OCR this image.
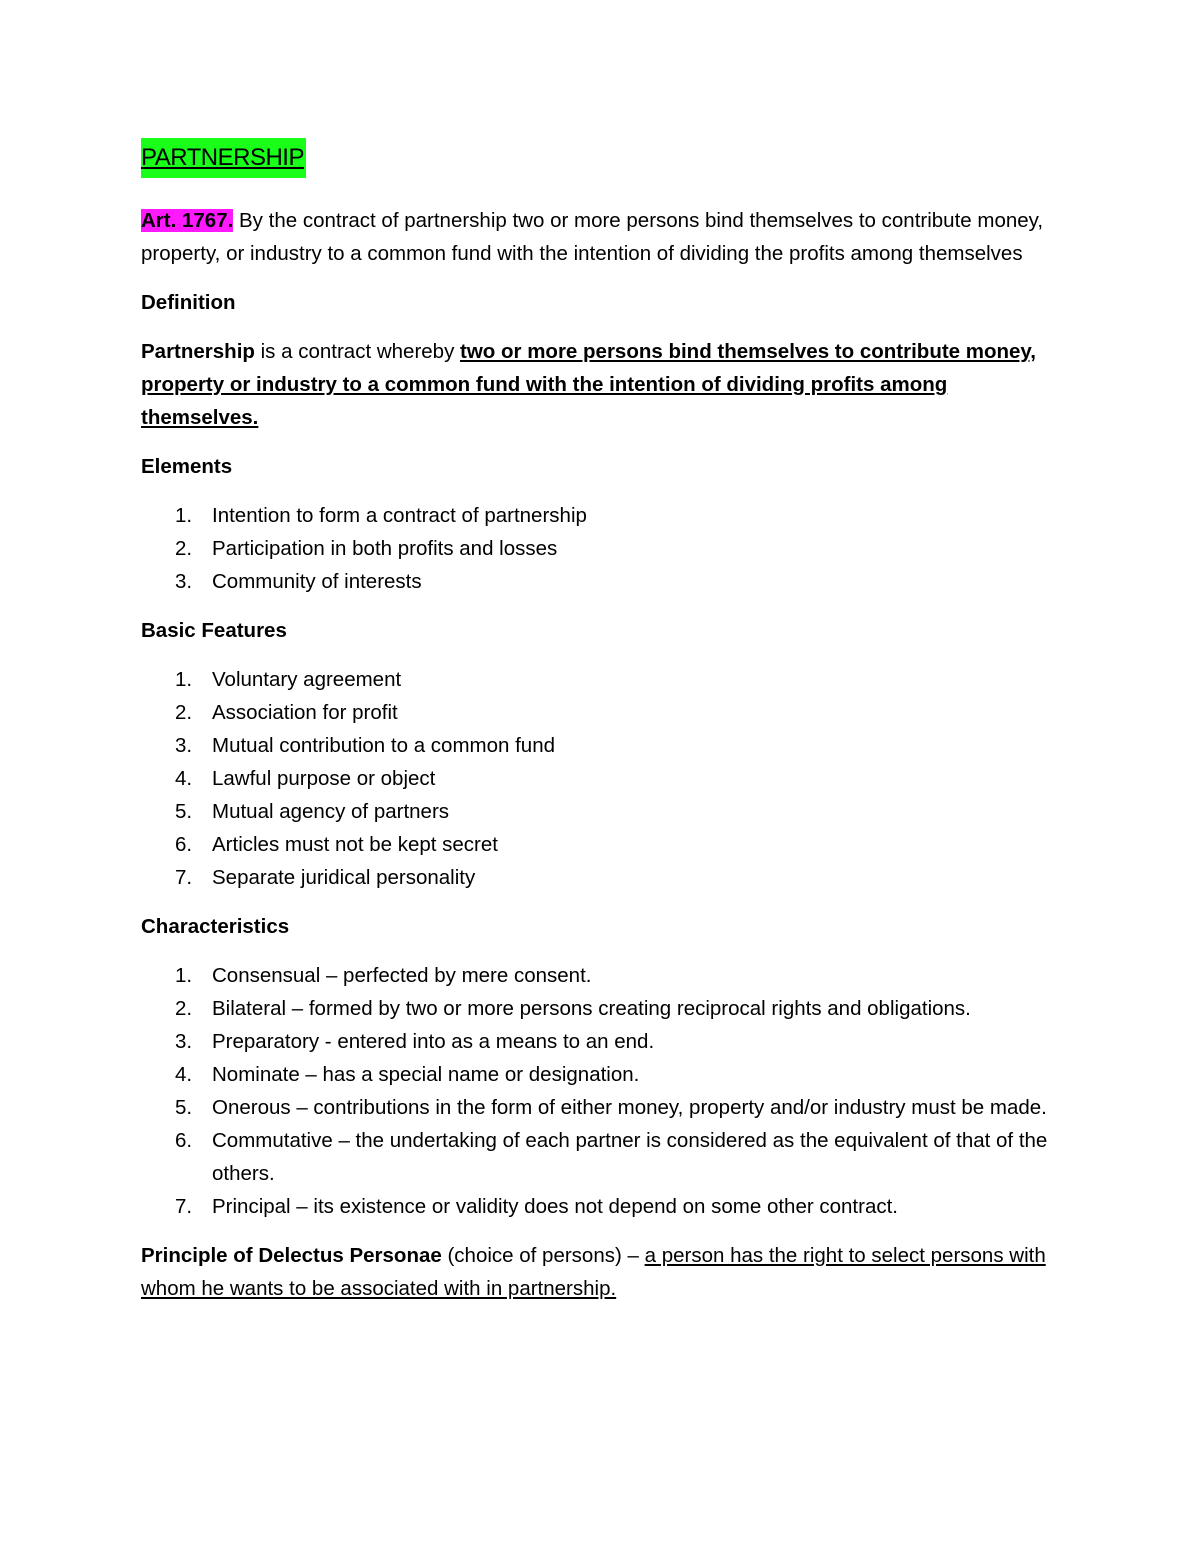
PARTNERSHIP

Art. 1767. By the contract of partnership two or more persons bind themselves to contribute money, property, or industry to a common fund with the intention of dividing the profits among themselves

Definition

Partnership is a contract whereby two or more persons bind themselves to contribute money, property or industry to a common fund with the intention of dividing profits among themselves.

Elements

1. Intention to form a contract of partnership
2. Participation in both profits and losses
3. Community of interests

Basic Features

1. Voluntary agreement
2. Association for profit
3. Mutual contribution to a common fund
4. Lawful purpose or object
5. Mutual agency of partners
6. Articles must not be kept secret
7. Separate juridical personality

Characteristics

1. Consensual – perfected by mere consent.
2. Bilateral – formed by two or more persons creating reciprocal rights and obligations.
3. Preparatory - entered into as a means to an end.
4. Nominate – has a special name or designation.
5. Onerous – contributions in the form of either money, property and/or industry must be made.
6. Commutative – the undertaking of each partner is considered as the equivalent of that of the others.
7. Principal – its existence or validity does not depend on some other contract.

Principle of Delectus Personae (choice of persons) – a person has the right to select persons with whom he wants to be associated with in partnership.
